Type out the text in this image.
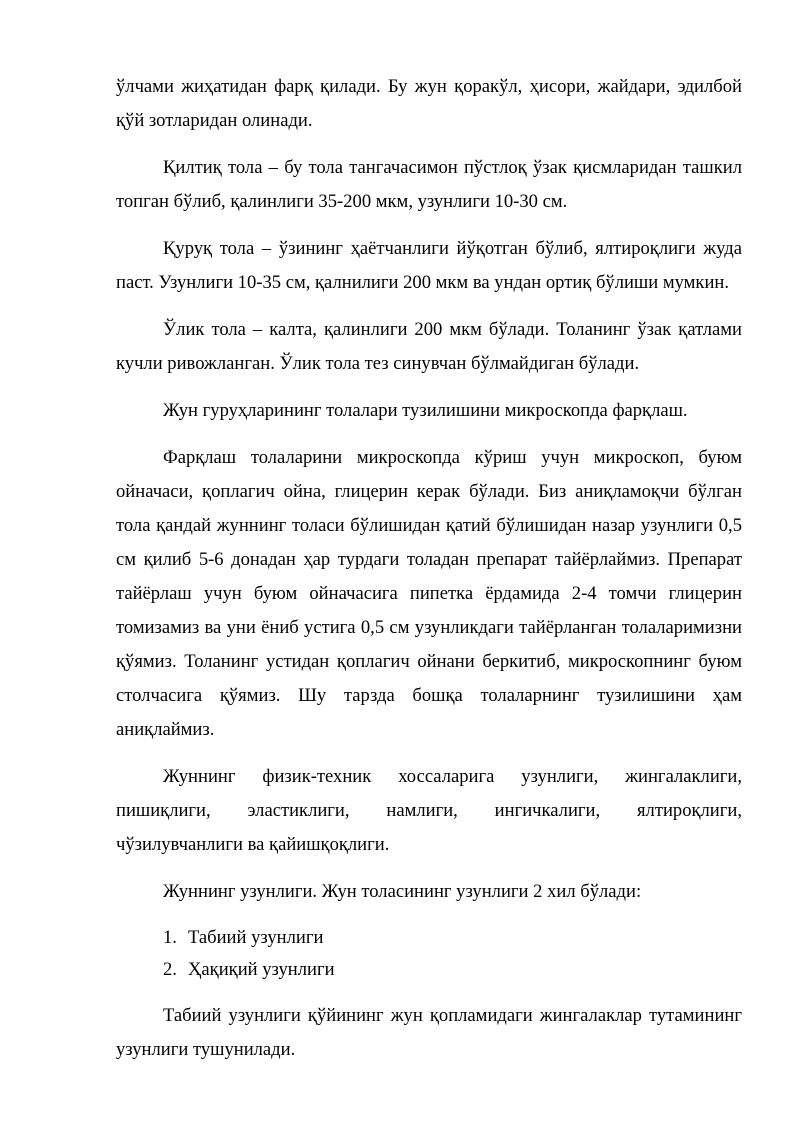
ўлчами жиҳатидан фарқ қилади. Бу жун қоракўл, ҳисори, жайдари, эдилбой қўй зотларидан олинади.

Қилтиқ тола – бу тола тангачасимон пўстлоқ ўзак қисмларидан ташкил топган бўлиб, қалинлиги 35-200 мкм, узунлиги 10-30 см.

Қуруқ тола – ўзининг ҳаётчанлиги йўқотган бўлиб, ялтироқлиги жуда паст. Узунлиги 10-35 см, қалнилиги 200 мкм ва ундан ортиқ бўлиши мумкин.

Ўлик тола – калта, қалинлиги 200 мкм бўлади. Толанинг ўзак қатлами кучли ривожланган. Ўлик тола тез синувчан бўлмайдиган бўлади.

Жун гуруҳларининг толалари тузилишини микроскопда фарқлаш.

Фарқлаш толаларини микроскопда кўриш учун микроскоп, буюм ойначаси, қоплагич ойна, глицерин керак бўлади. Биз аниқламоқчи бўлган тола қандай жуннинг толаси бўлишидан қатий бўлишидан назар узунлиги 0,5 см қилиб 5-6 донадан ҳар турдаги толадан препарат тайёрлаймиз. Препарат тайёрлаш учун буюм ойначасига пипетка ёрдамида 2-4 томчи глицерин томизамиз ва уни ёниб устига 0,5 см узунликдаги тайёрланган толаларимизни қўямиз. Толанинг устидан қоплагич ойнани беркитиб, микроскопнинг буюм столчасига қўямиз. Шу тарзда бошқа толаларнинг тузилишини ҳам аниқлаймиз.

Жуннинг физик-техник хоссаларига узунлиги, жингалаклиги, пишиқлиги, эластиклиги, намлиги, ингичкалиги, ялтироқлиги, чўзилувчанлиги ва қайишқоқлиги.

Жуннинг узунлиги. Жун толасининг узунлиги 2 хил бўлади:

1. Табиий узунлиги
2. Ҳақиқий узунлиги

Табиий узунлиги қўйининг жун қопламидаги жингалаклар тутамининг узунлиги тушунилади.
